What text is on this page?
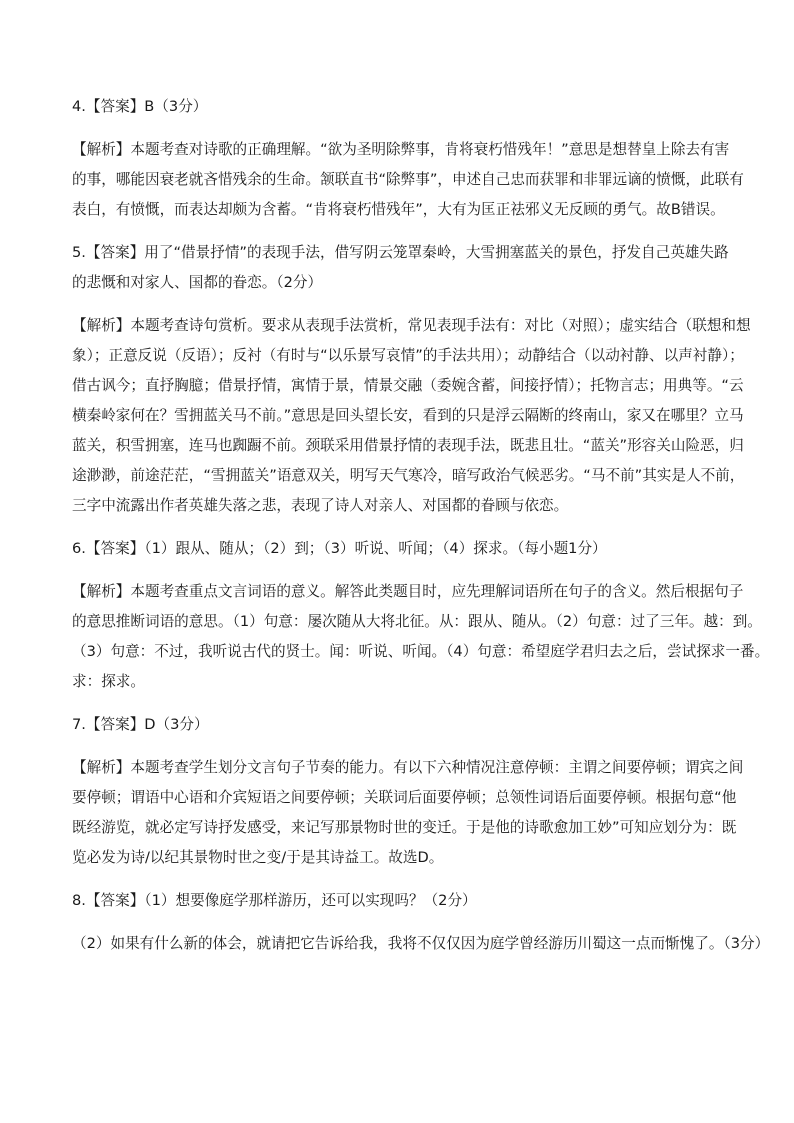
4.【答案】B（3分）

【解析】本题考查对诗歌的正确理解。“欲为圣明除弊事，肯将衰朽惜残年！”意思是想替皇上除去有害
的事，哪能因衰老就吝惜残余的生命。颔联直书“除弊事”，申述自己忠而获罪和非罪远谪的愤慨，此联有
表白，有愤慨，而表达却颇为含蓄。“肯将衰朽惜残年”，大有为匡正祛邪义无反顾的勇气。故B错误。

5.【答案】用了“借景抒情”的表现手法，借写阴云笼罩秦岭，大雪拥塞蓝关的景色，抒发自己英雄失路
的悲慨和对家人、国都的眷恋。（2分）

【解析】本题考查诗句赏析。要求从表现手法赏析，常见表现手法有：对比（对照）；虚实结合（联想和想
象）；正意反说（反语）；反衬（有时与“以乐景写哀情”的手法共用）；动静结合（以动衬静、以声衬静）；
借古讽今；直抒胸臆；借景抒情，寓情于景，情景交融（委婉含蓄，间接抒情）；托物言志；用典等。“云
横秦岭家何在？雪拥蓝关马不前。”意思是回头望长安，看到的只是浮云隔断的终南山，家又在哪里？立马
蓝关，积雪拥塞，连马也踟蹰不前。颈联采用借景抒情的表现手法，既悲且壮。“蓝关”形容关山险恶，归
途渺渺，前途茫茫，“雪拥蓝关”语意双关，明写天气寒冷，暗写政治气候恶劣。“马不前”其实是人不前，
三字中流露出作者英雄失落之悲，表现了诗人对亲人、对国都的眷顾与依恋。

6.【答案】（1）跟从、随从；（2）到；（3）听说、听闻；（4）探求。（每小题1分）

【解析】本题考查重点文言词语的意义。解答此类题目时，应先理解词语所在句子的含义。然后根据句子
的意思推断词语的意思。（1）句意：屡次随从大将北征。从：跟从、随从。（2）句意：过了三年。越：到。
（3）句意：不过，我听说古代的贤士。闻：听说、听闻。（4）句意：希望庭学君归去之后，尝试探求一番。
求：探求。

7.【答案】D（3分）

【解析】本题考查学生划分文言句子节奏的能力。有以下六种情况注意停顿：主谓之间要停顿；谓宾之间
要停顿；谓语中心语和介宾短语之间要停顿；关联词后面要停顿；总领性词语后面要停顿。根据句意“他
既经游览，就必定写诗抒发感受，来记写那景物时世的变迁。于是他的诗歌愈加工妙”可知应划分为：既
览必发为诗/以纪其景物时世之变/于是其诗益工。故选D。

8.【答案】（1）想要像庭学那样游历，还可以实现吗？（2分）

（2）如果有什么新的体会，就请把它告诉给我，我将不仅仅因为庭学曾经游历川蜀这一点而惭愧了。（3分）
